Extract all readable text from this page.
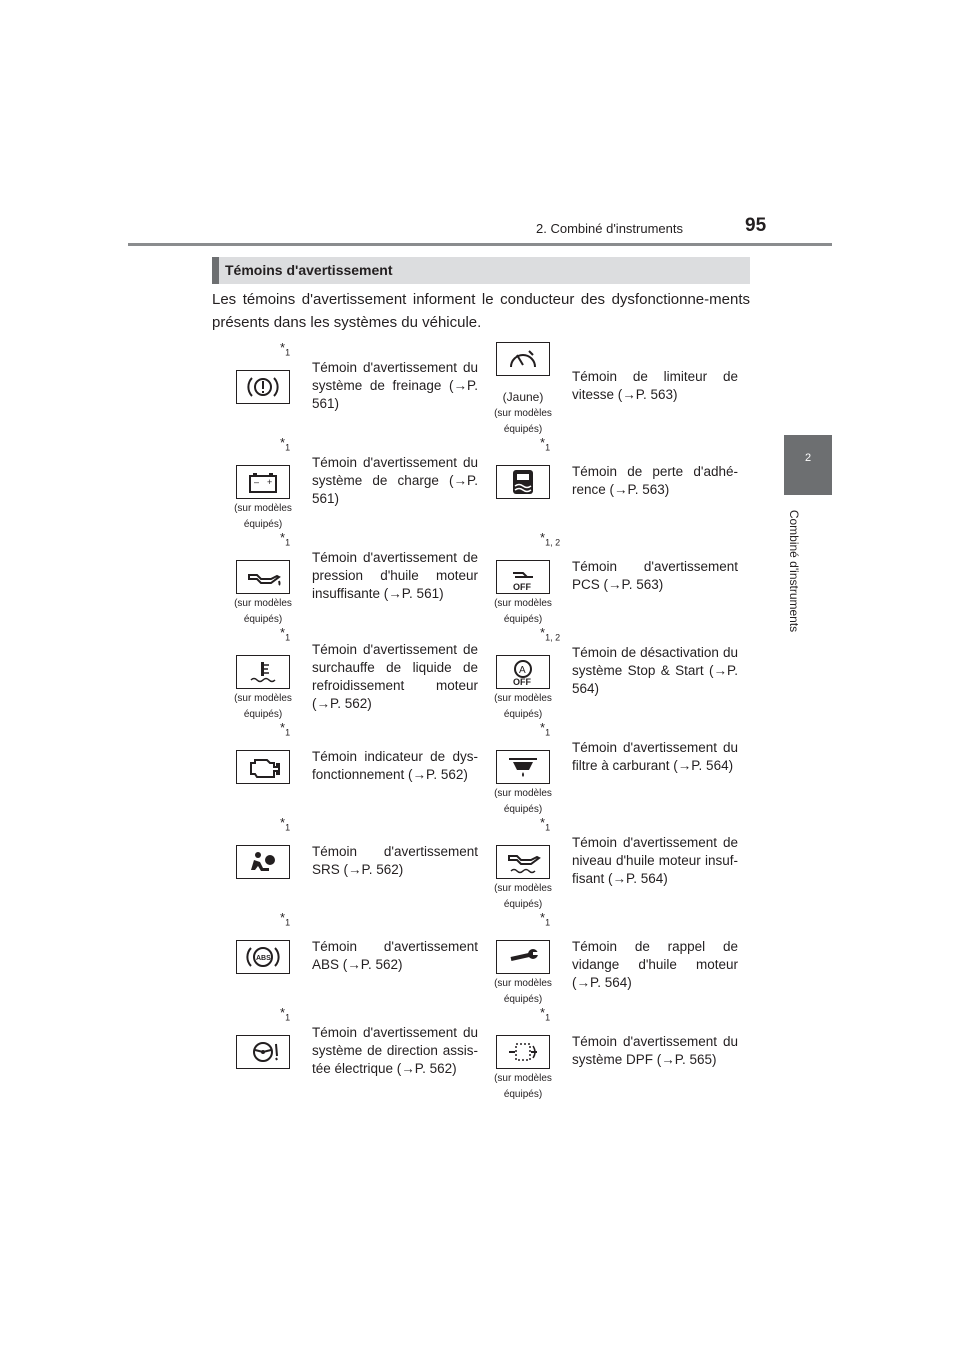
2. Combiné d'instruments	95
2
Combiné d'instruments
Témoins d'avertissement
Les témoins d'avertissement informent le conducteur des dysfonctionne-ments présents dans les systèmes du véhicule.
$*_1$
Témoin d'avertissement du système de freinage (→P. 561)	(Jaune)
(sur modèles
équipés)
Témoin de limiteur de vitesse (→P. 563)
$*_1$
– +
(sur modèles
équipés)
Témoin d'avertissement du système de charge (→P. 561)
$*_1$
Témoin de perte d'adhé-rence (→P. 563)
$*_1$
(sur modèles
équipés)
Témoin d'avertissement de pression d'huile moteur insuffisante (→P. 561)
$*_{1, 2}$
OFF
(sur modèles
équipés)
Témoin d'avertissement PCS (→P. 563)
$*_1$
(sur modèles
équipés)
Témoin d'avertissement de surchauffe de liquide de refroidissement moteur (→P. 562)
$*_{1, 2}$
A
OFF
(sur modèles
équipés)
Témoin de désactivation du système Stop & Start (→P. 564)
$*_1$
Témoin indicateur de dys-fonctionnement (→P. 562)
$*_1$
(sur modèles
équipés)
Témoin d'avertissement du filtre à carburant (→P. 564)
$*_1$
Témoin d'avertissement SRS (→P. 562)
$*_1$
(sur modèles
équipés)
Témoin d'avertissement de niveau d'huile moteur insuf-fisant (→P. 564)
$*_1$
ABS
Témoin d'avertissement ABS (→P. 562)
$*_1$
(sur modèles
équipés)
Témoin de rappel de vidange d'huile moteur (→P. 564)
$*_1$
Témoin d'avertissement du système de direction assis-tée électrique (→P. 562)
$*_1$
(sur modèles
équipés)
Témoin d'avertissement du système DPF (→P. 565)
